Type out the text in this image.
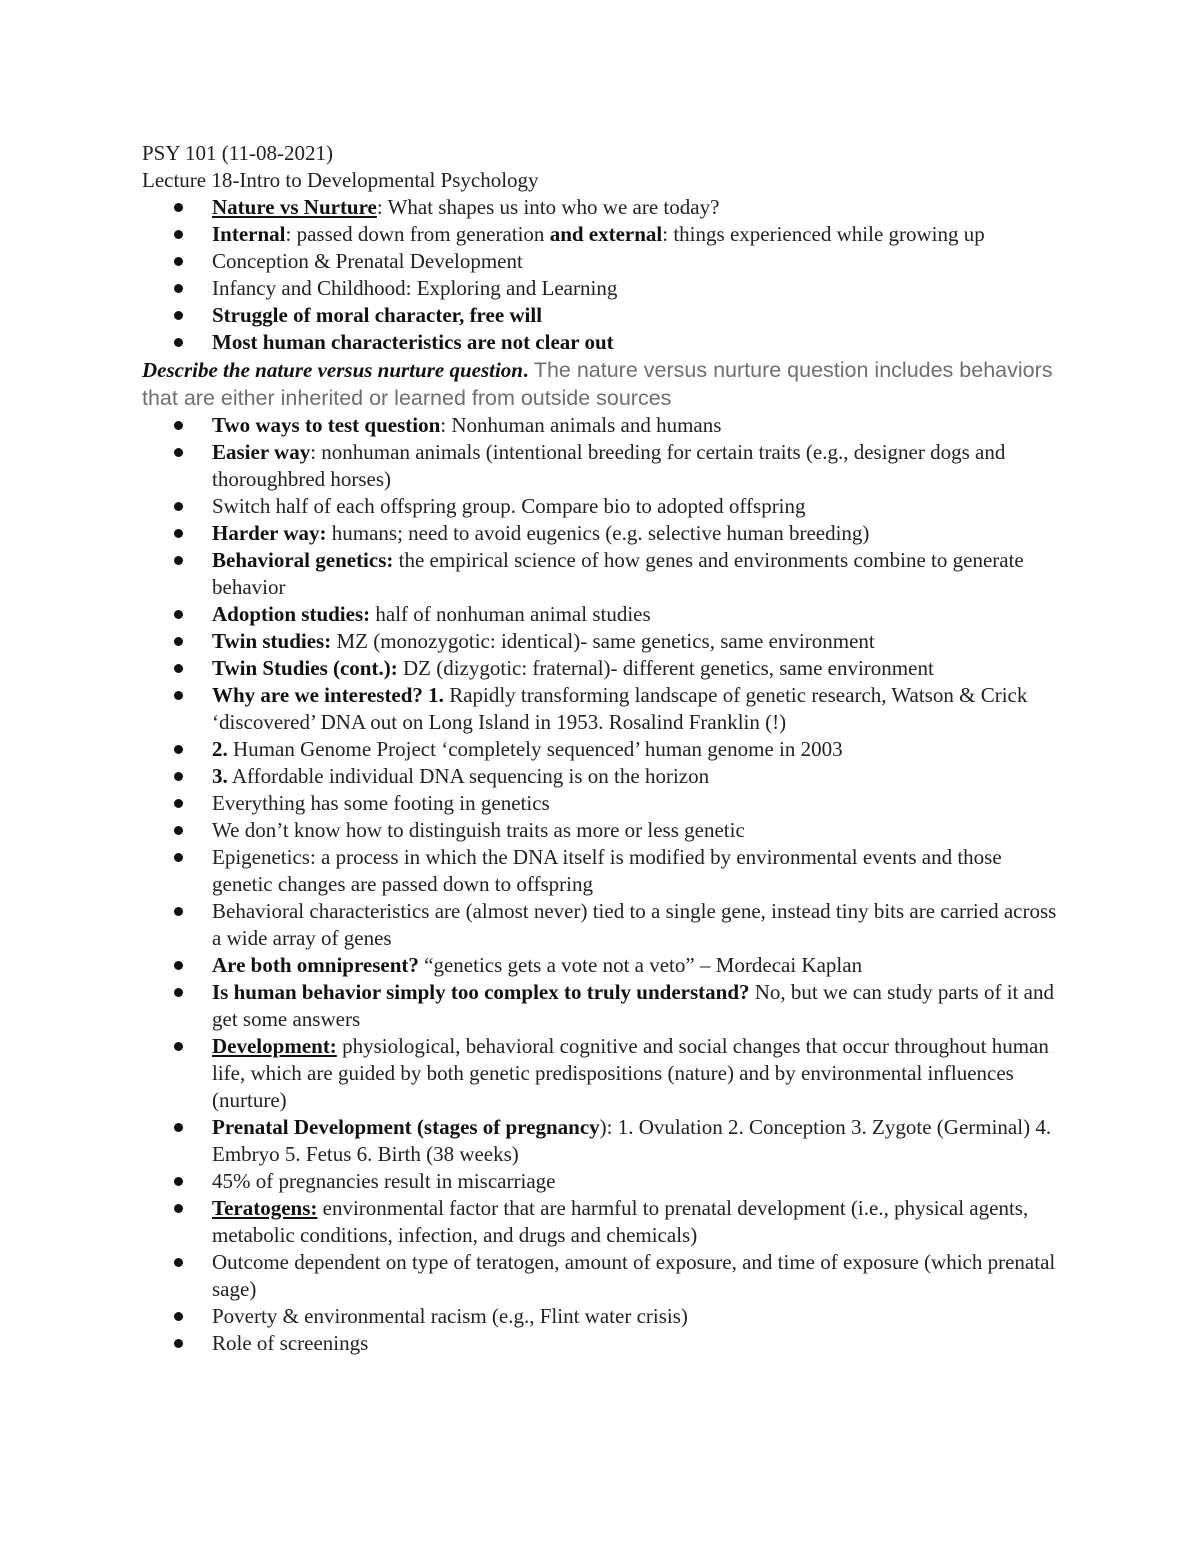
PSY 101 (11-08-2021)

Lecture 18-Intro to Developmental Psychology

Nature vs Nurture: What shapes us into who we are today?
Internal: passed down from generation and external: things experienced while growing up
Conception & Prenatal Development
Infancy and Childhood: Exploring and Learning
Struggle of moral character, free will
Most human characteristics are not clear out

Describe the nature versus nurture question. The nature versus nurture question includes behaviors that are either inherited or learned from outside sources

Two ways to test question: Nonhuman animals and humans
Easier way: nonhuman animals (intentional breeding for certain traits (e.g., designer dogs and thoroughbred horses)
Switch half of each offspring group. Compare bio to adopted offspring
Harder way: humans; need to avoid eugenics (e.g. selective human breeding)
Behavioral genetics: the empirical science of how genes and environments combine to generate behavior
Adoption studies: half of nonhuman animal studies
Twin studies: MZ (monozygotic: identical)- same genetics, same environment
Twin Studies (cont.): DZ (dizygotic: fraternal)- different genetics, same environment
Why are we interested? 1. Rapidly transforming landscape of genetic research, Watson & Crick ‘discovered’ DNA out on Long Island in 1953. Rosalind Franklin (!)
2. Human Genome Project ‘completely sequenced’ human genome in 2003
3. Affordable individual DNA sequencing is on the horizon
Everything has some footing in genetics
We don’t know how to distinguish traits as more or less genetic
Epigenetics: a process in which the DNA itself is modified by environmental events and those genetic changes are passed down to offspring
Behavioral characteristics are (almost never) tied to a single gene, instead tiny bits are carried across a wide array of genes
Are both omnipresent? “genetics gets a vote not a veto” – Mordecai Kaplan
Is human behavior simply too complex to truly understand? No, but we can study parts of it and get some answers
Development: physiological, behavioral cognitive and social changes that occur throughout human life, which are guided by both genetic predispositions (nature) and by environmental influences (nurture)
Prenatal Development (stages of pregnancy): 1. Ovulation 2. Conception 3. Zygote (Germinal) 4. Embryo 5. Fetus 6. Birth (38 weeks)
45% of pregnancies result in miscarriage
Teratogens: environmental factor that are harmful to prenatal development (i.e., physical agents, metabolic conditions, infection, and drugs and chemicals)
Outcome dependent on type of teratogen, amount of exposure, and time of exposure (which prenatal sage)
Poverty & environmental racism (e.g., Flint water crisis)
Role of screenings
